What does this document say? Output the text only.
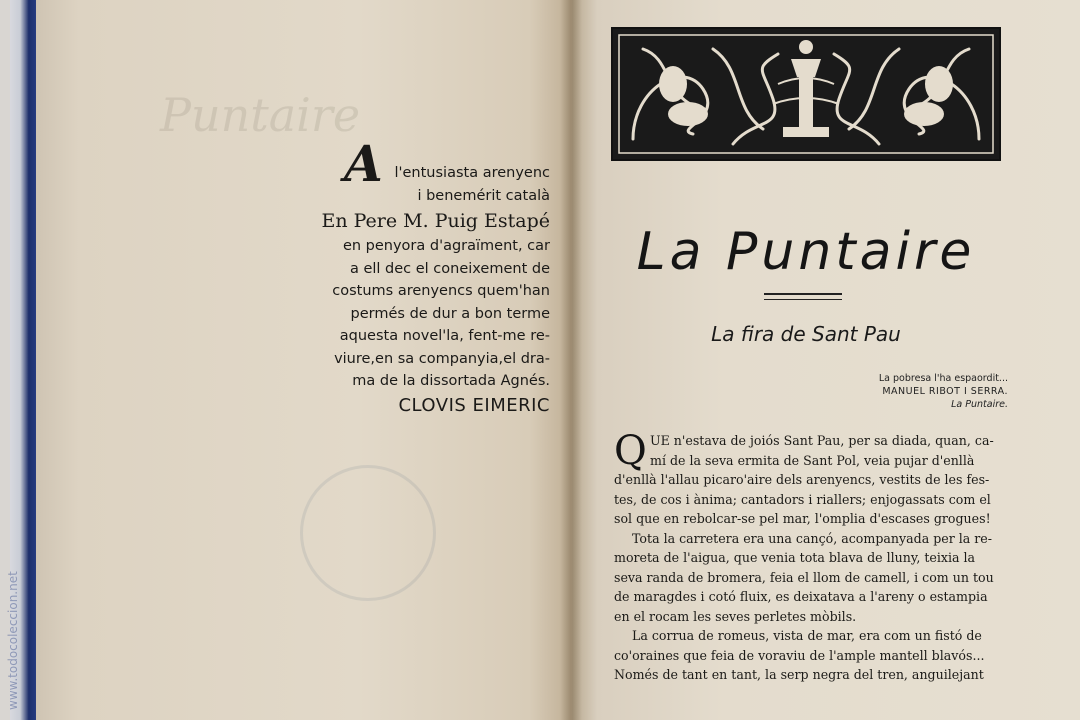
Puntaire
www.todocoleccion.net
A l'entusiasta arenyenc
i benemérit català
En Pere M. Puig Estapé
en penyora d'agraïment, car
a ell dec el coneixement de
costums arenyencs quem'han
permés de dur a bon terme
aquesta novel'la, fent-me re-
viure,en sa companyia,el dra-
ma de la dissortada Agnés.
CLOVIS EIMERIC
La Puntaire
La fira de Sant Pau
La pobresa l'ha espaordit...
MANUEL RIBOT I SERRA.
La Puntaire.
Q UE n'estava de joiós Sant Pau, per sa diada, quan, ca-
mí de la seva ermita de Sant Pol, veia pujar d'enllà
d'enllà l'allau picaro'aire dels arenyencs, vestits de les fes-
tes, de cos i ànima; cantadors i riallers; enjogassats com el
sol que en rebolcar-se pel mar, l'omplia d'escases grogues!
Tota la carretera era una cançó, acompanyada per la re-
moreta de l'aigua, que venia tota blava de lluny, teixia la
seva randa de bromera, feia el llom de camell, i com un tou
de maragdes i cotó fluix, es deixatava a l'areny o estampia
en el rocam les seves perletes mòbils.
La corrua de romeus, vista de mar, era com un fistó de
co'oraines que feia de voraviu de l'ample mantell blavós...
Només de tant en tant, la serp negra del tren, anguilejant
